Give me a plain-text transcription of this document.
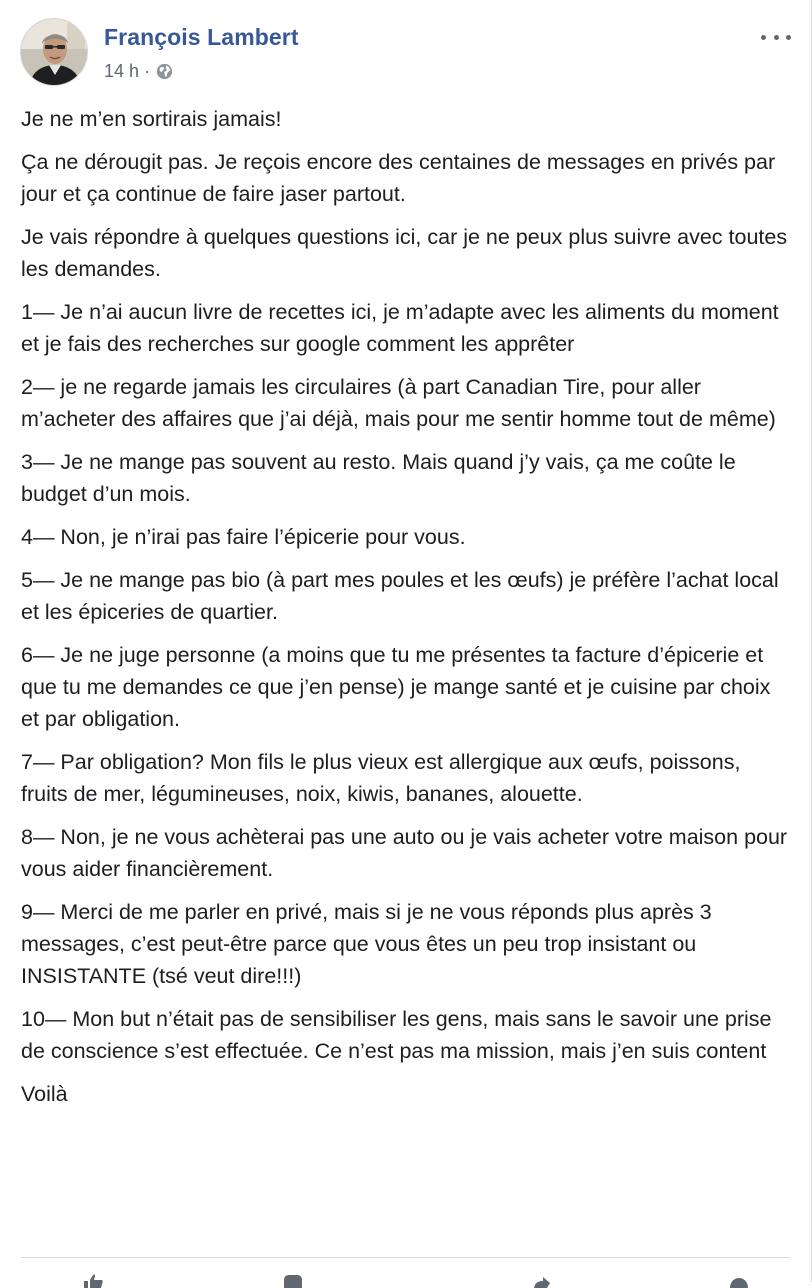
François Lambert
14 h ·

Je ne m’en sortirais jamais!

Ça ne dérougit pas. Je reçois encore des centaines de messages en privés par jour et ça continue de faire jaser partout.

Je vais répondre à quelques questions ici, car je ne peux plus suivre avec toutes les demandes.

1— Je n’ai aucun livre de recettes ici, je m’adapte avec les aliments du moment et je fais des recherches sur google comment les apprêter

2— je ne regarde jamais les circulaires (à part Canadian Tire, pour aller m’acheter des affaires que j’ai déjà, mais pour me sentir homme tout de même)

3— Je ne mange pas souvent au resto. Mais quand j’y vais, ça me coûte le budget d’un mois.

4— Non, je n’irai pas faire l’épicerie pour vous.

5— Je ne mange pas bio (à part mes poules et les œufs) je préfère l’achat local et les épiceries de quartier.

6— Je ne juge personne (a moins que tu me présentes ta facture d’épicerie et que tu me demandes ce que j’en pense) je mange santé et je cuisine par choix et par obligation.

7— Par obligation? Mon fils le plus vieux est allergique aux œufs, poissons, fruits de mer, légumineuses, noix, kiwis, bananes, alouette.

8— Non, je ne vous achèterai pas une auto ou je vais acheter votre maison pour vous aider financièrement.

9— Merci de me parler en privé, mais si je ne vous réponds plus après 3 messages, c’est peut-être parce que vous êtes un peu trop insistant ou INSISTANTE (tsé veut dire!!!)

10— Mon but n’était pas de sensibiliser les gens, mais sans le savoir une prise de conscience s’est effectuée. Ce n’est pas ma mission, mais j’en suis content

Voilà
